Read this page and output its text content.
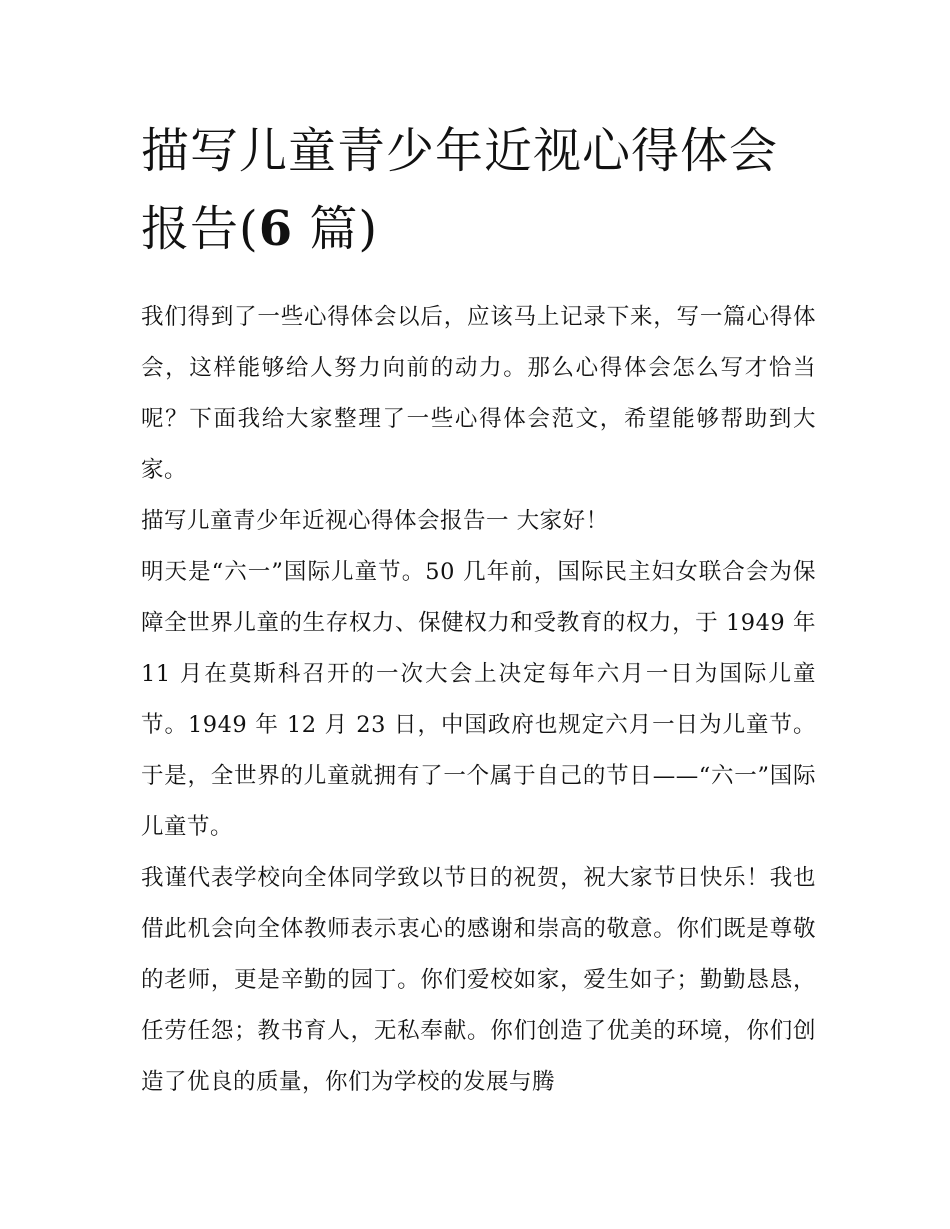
描写儿童青少年近视心得体会
报告(6 篇)

我们得到了一些心得体会以后，应该马上记录下来，写一篇心得体会，这样能够给人努力向前的动力。那么心得体会怎么写才恰当呢？下面我给大家整理了一些心得体会范文，希望能够帮助到大家。

描写儿童青少年近视心得体会报告一 大家好！

明天是“六一”国际儿童节。50 几年前，国际民主妇女联合会为保障全世界儿童的生存权力、保健权力和受教育的权力，于 1949 年 11 月在莫斯科召开的一次大会上决定每年六月一日为国际儿童节。1949 年 12 月 23 日，中国政府也规定六月一日为儿童节。于是，全世界的儿童就拥有了一个属于自己的节日——“六一”国际儿童节。

我谨代表学校向全体同学致以节日的祝贺，祝大家节日快乐！我也借此机会向全体教师表示衷心的感谢和崇高的敬意。你们既是尊敬的老师，更是辛勤的园丁。你们爱校如家，爱生如子；勤勤恳恳，任劳任怨；教书育人，无私奉献。你们创造了优美的环境，你们创造了优良的质量，你们为学校的发展与腾
